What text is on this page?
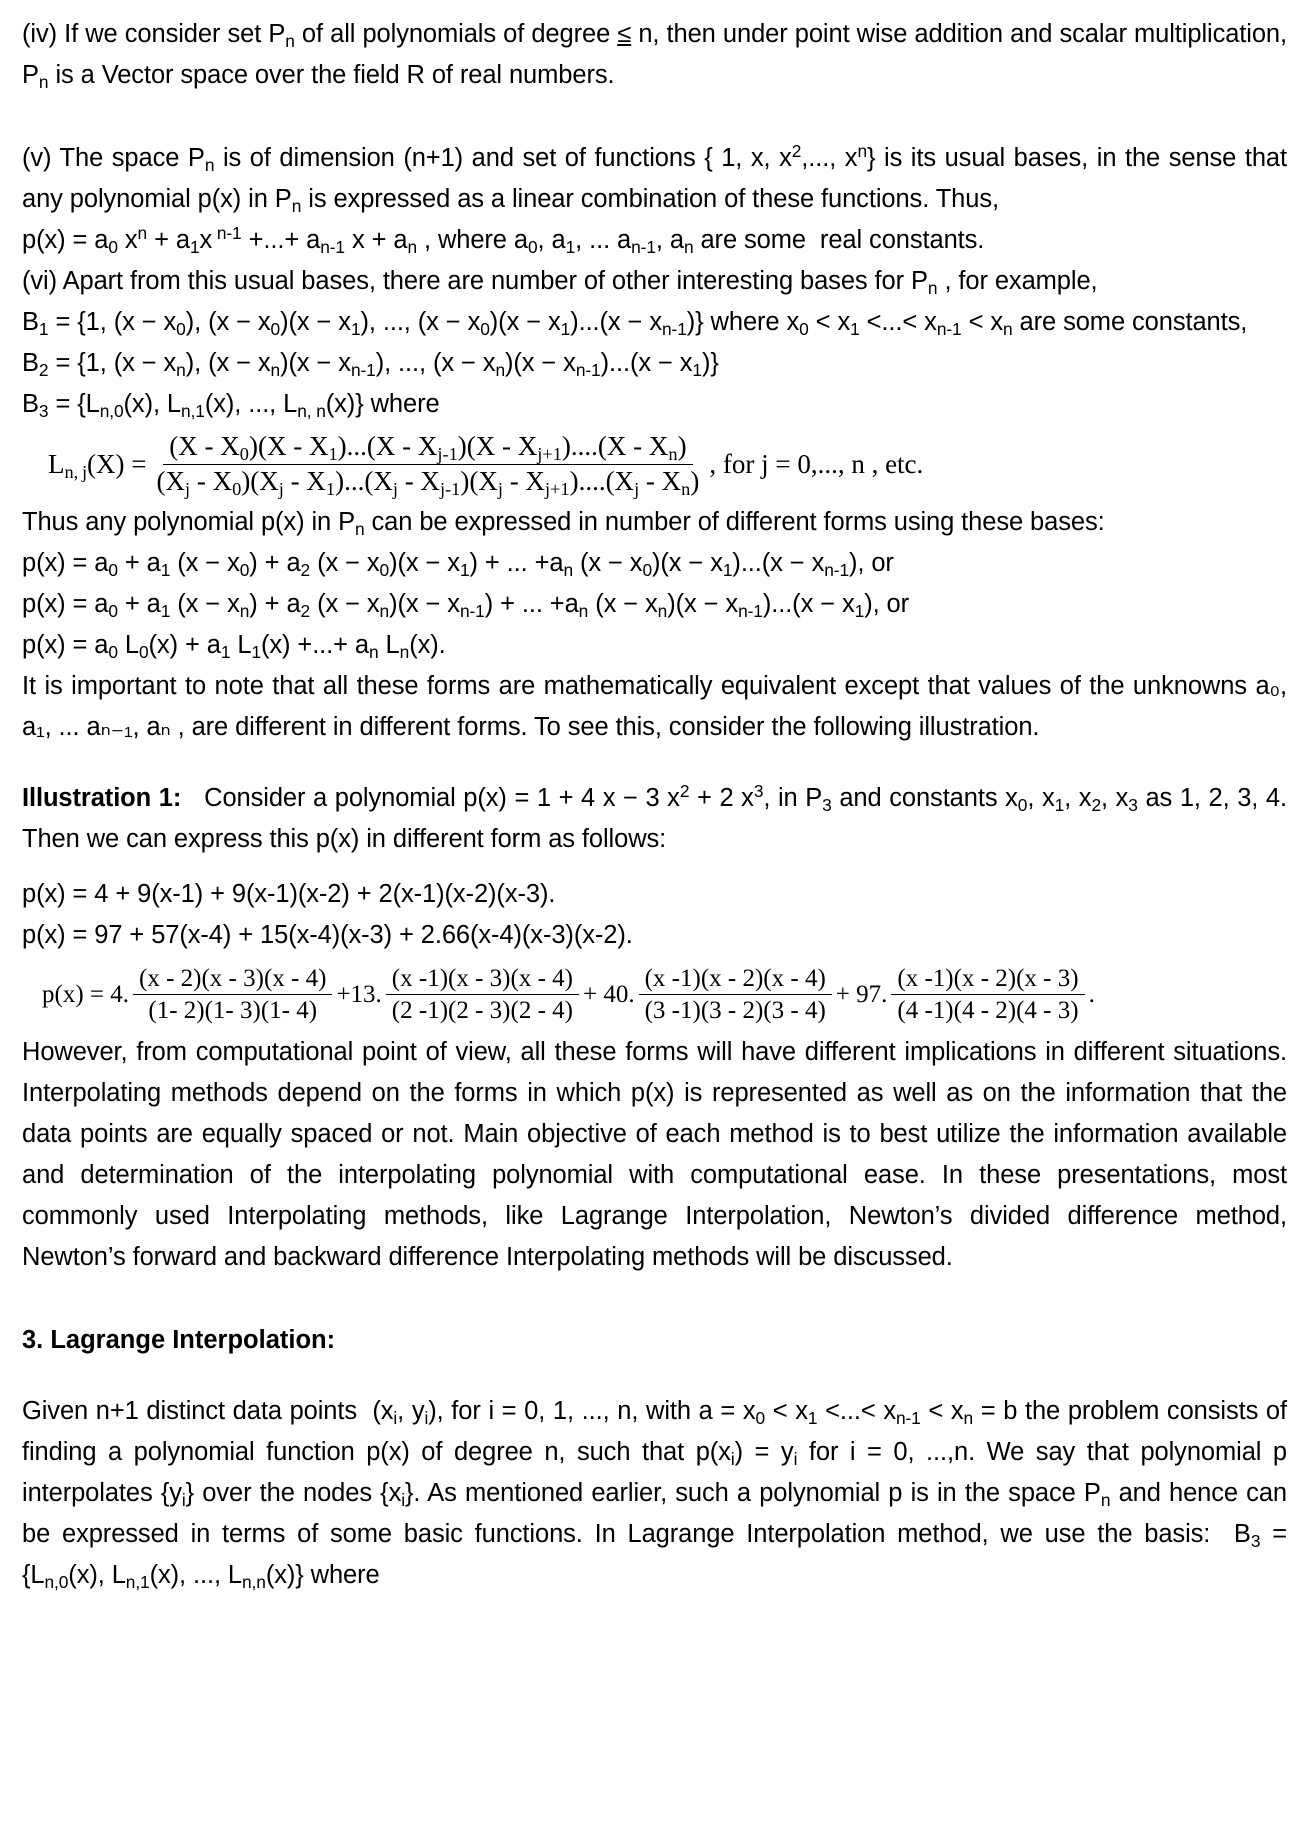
(iv) If we consider set $P_n$ of all polynomials of degree ≤ n, then under point wise addition and scalar multiplication, $P_n$ is a Vector space over the field R of real numbers.

(v) The space $P_n$ is of dimension (n+1) and set of functions { 1, x, $x^2$,..., $x^n$} is its usual bases, in the sense that any polynomial p(x) in $P_n$ is expressed as a linear combination of these functions. Thus,

$p(x) = a_0$ $x^n + a_1x$ $^{n-1}$ +...+ $a_{n-1}$ $x + a_n$ , where $a_0$, $a_1$, ... $a_{n-1}$, $a_n$ are some  real constants.

(vi) Apart from this usual bases, there are number of other interesting bases for $P_n$ , for example,

$B_1 = \{1$, $(x - x_0)$, $(x - x_0)(x - x_1)$, ..., $(x - x_0)(x - x_1)...(x - x_{n-1})$} where $x_0 < x_1$ <...< $x_{n-1} < x_n$ are some constants,

$B_2 = \{1$, $(x - x_n)$, $(x - x_n)(x - x_{n-1})$, ..., $(x - x_n)(x - x_{n-1})...(x - x_1)$}

$B_3 = \{L_{n,0}(x)$, $L_{n,1}(x)$, ..., $L_{n, n}(x)$} where

$L_{n, j}(X) = \frac{(X - X_0)(X - X_1)...(X - X_{j-1})(X - X_{j+1})....(X - X_n)}{(X_j - X_0)(X_j - X_1)...(X_j - X_{j-1})(X_j - X_{j+1})....(X_j - X_n)}$ , for j = 0,..., n , etc.

Thus any polynomial p(x) in $P_n$ can be expressed in number of different forms using these bases:

$p(x) = a_0 + a_1$ $(x - x_0) + a_2$ $(x - x_0)(x - x_1)$ + ... $+a_n$ $(x - x_0)(x - x_1)...(x - x_{n-1})$, or

$p(x) = a_0 + a_1$ $(x - x_n) + a_2$ $(x - x_n)(x - x_{n-1})$ + ... $+a_n$ $(x - x_n)(x - x_{n-1})...(x - x_1)$, or

$p(x) = a_0$ $L_0(x) + a_1$ $L_1(x)$ +...+ $a_n$ $L_n(x)$.

It is important to note that all these forms are mathematically equivalent except that values of the unknowns a₀, a₁, ... aₙ₋₁, aₙ , are different in different forms. To see this, consider the following illustration.

Illustration 1:   Consider a polynomial p(x) = 1 + 4 x − 3 $x^2 + 2$ $x^3$, in $P_3$ and constants $x_0$, $x_1$, $x_2$, $x_3$ as 1, 2, 3, 4. Then we can express this p(x) in different form as follows:

p(x) = 4 + 9(x-1) + 9(x-1)(x-2) + 2(x-1)(x-2)(x-3).

p(x) = 97 + 57(x-4) + 15(x-4)(x-3) + 2.66(x-4)(x-3)(x-2).

p(x) = 4. $\frac{(x - 2)(x - 3)(x - 4)}{(1- 2)(1- 3)(1- 4)} +13$. $\frac{(x -1)(x - 3)(x - 4)}{(2 -1)(2 - 3)(2 - 4)} + 40$. $\frac{(x -1)(x - 2)(x - 4)}{(3 -1)(3 - 2)(3 - 4)} + 97$. $\frac{(x -1)(x - 2)(x - 3)}{(4 -1)(4 - 2)(4 - 3)}$ .

However, from computational point of view, all these forms will have different implications in different situations. Interpolating methods depend on the forms in which p(x) is represented as well as on the information that the data points are equally spaced or not. Main objective of each method is to best utilize the information available and determination of the interpolating polynomial with computational ease. In these presentations, most commonly used Interpolating methods, like Lagrange Interpolation, Newton’s divided difference method, Newton’s forward and backward difference Interpolating methods will be discussed.

3. Lagrange Interpolation:

Given n+1 distinct data points  ($x_i$, $y_i$), for i = 0, 1, ..., n, with $a = x_0 < x_1$ <...< $x_{n-1} < x_n = b$ the problem consists of finding a polynomial function p(x) of degree n, such that $p(x_i) = y_i$ for i = 0, ...,n. We say that polynomial p interpolates $\{y_i\}$ over the nodes $\{x_i\}$. As mentioned earlier, such a polynomial p is in the space $P_n$ and hence can be expressed in terms of some basic functions. In Lagrange Interpolation method, we use the basis:  $B_3 = \{L_{n,0}(x)$, $L_{n,1}(x)$, ..., $L_{n,n}(x)$} where
